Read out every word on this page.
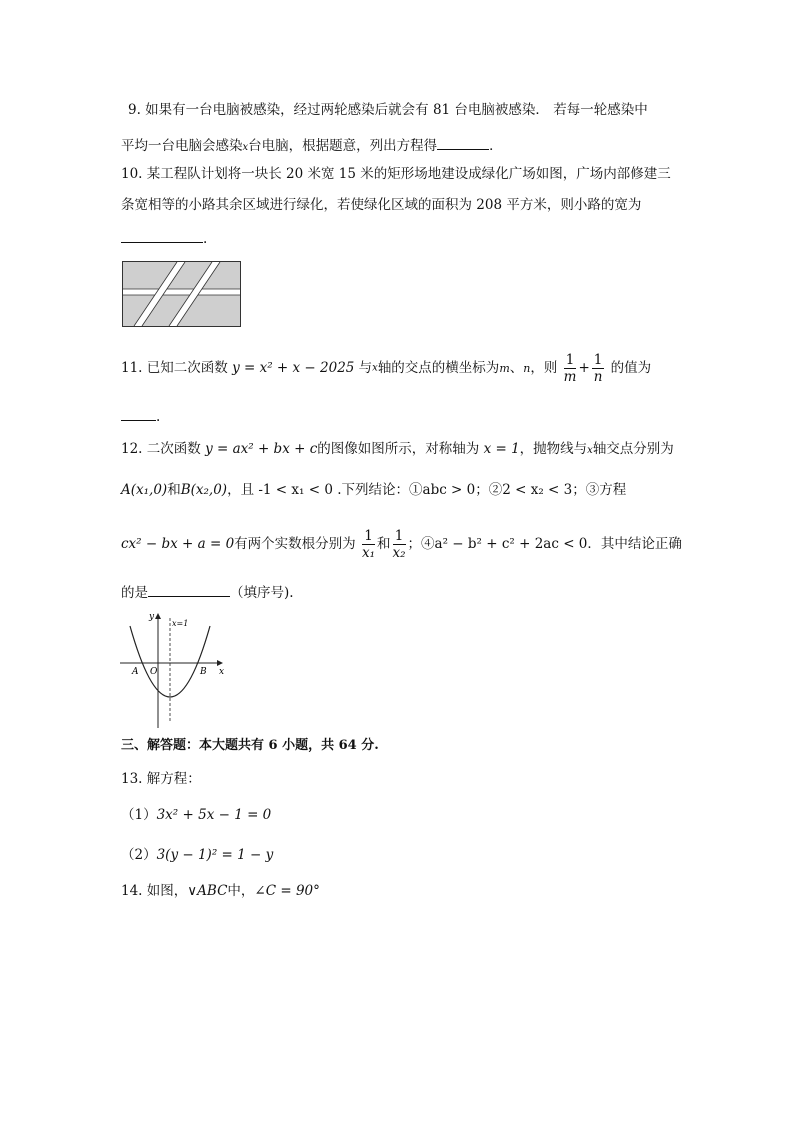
9. 如果有一台电脑被感染，经过两轮感染后就会有 81 台电脑被感染． 若每一轮感染中
平均一台电脑会感染x台电脑，根据题意，列出方程得	．
10. 某工程队计划将一块长 20 米宽 15 米的矩形场地建设成绿化广场如图，广场内部修建三
条宽相等的小路其余区域进行绿化，若使绿化区域的面积为 208 平方米，则小路的宽为
.
11. 已知二次函数 y = x² + x − 2025 与x轴的交点的横坐标为m、n，则 $\frac{1}{m} + \frac{1}{n}$ 的值为
.
12. 二次函数 y = ax² + bx + c的图像如图所示，对称轴为 x = 1，抛物线与x轴交点分别为
A(x₁,0)和B(x₂,0)，且 -1 < x₁ < 0 .下列结论：①abc > 0；②2 < x₂ < 3；③方程
cx² − bx + a = 0有两个实数根分别为 $\frac{1}{\text{x₁}}$ 和 $\frac{1}{\text{x₂}}$ ；④a² − b² + c² + 2ac < 0．其中结论正确
的是	（填序号).
y
x
x=1
A O	B
三、解答题：本大题共有 6 小题，共 64 分.
13. 解方程：
（1）3x² + 5x − 1 = 0
（2）3(y − 1)² = 1 − y
14. 如图，∨ABC中，∠C = 90°
